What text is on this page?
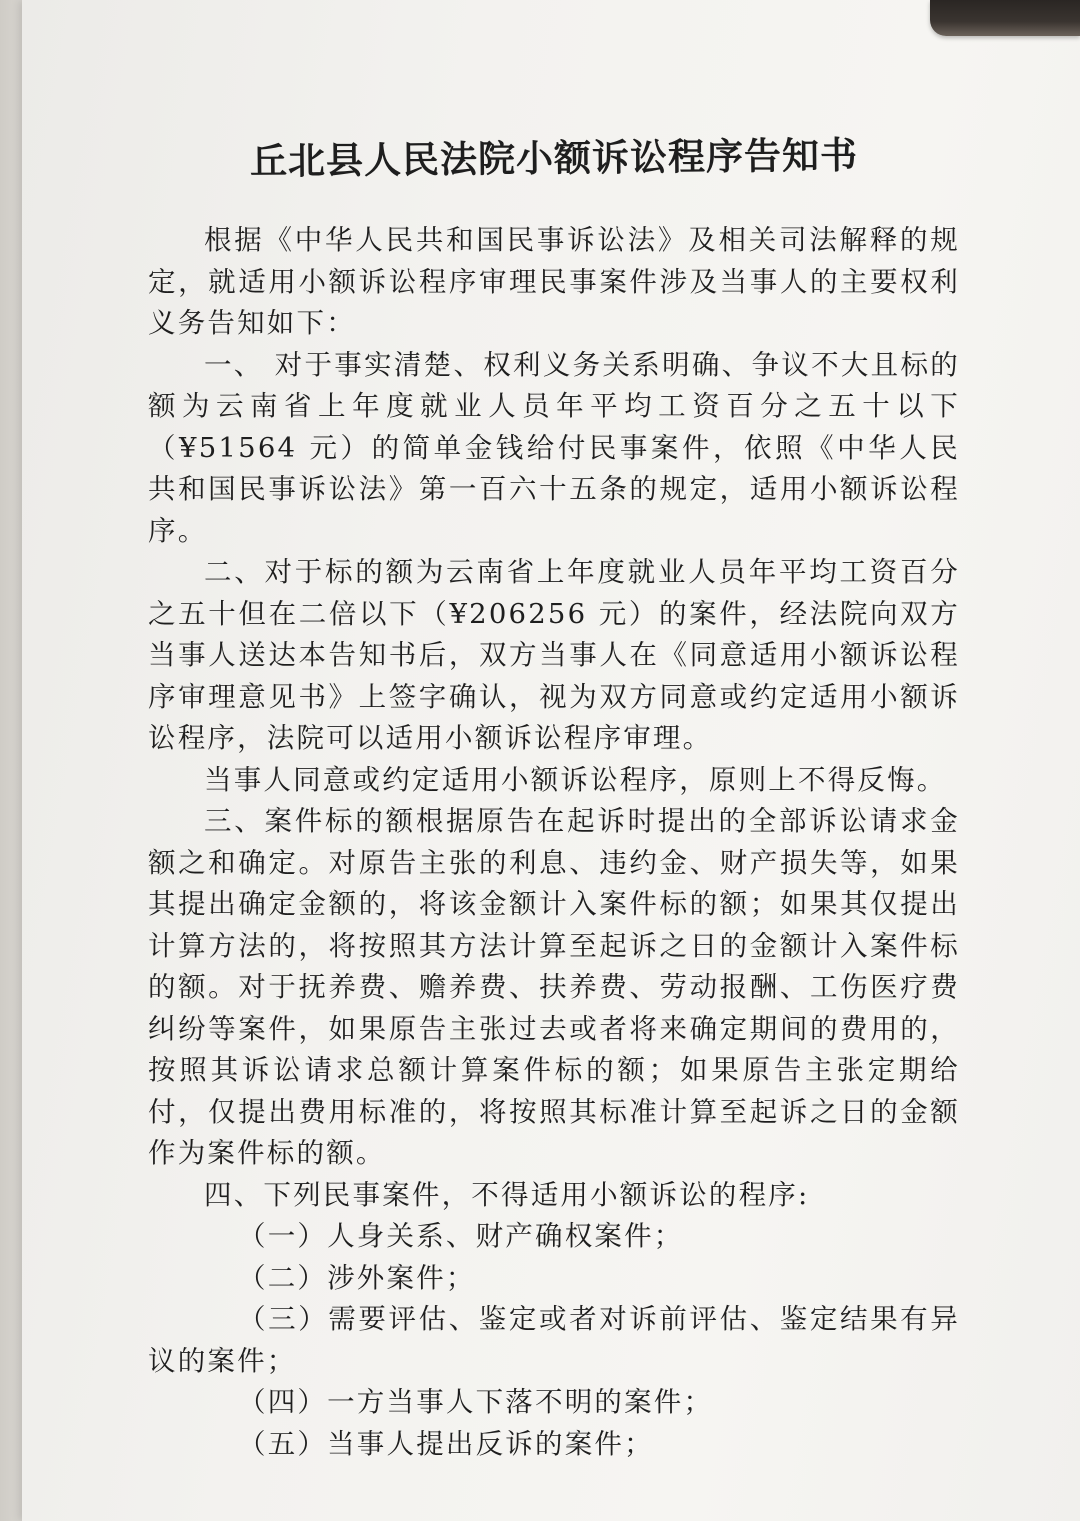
丘北县人民法院小额诉讼程序告知书

根据《中华人民共和国民事诉讼法》及相关司法解释的规定，就适用小额诉讼程序审理民事案件涉及当事人的主要权利义务告知如下：

一、 对于事实清楚、权利义务关系明确、争议不大且标的额为云南省上年度就业人员年平均工资百分之五十以下（¥51564 元）的简单金钱给付民事案件，依照《中华人民共和国民事诉讼法》第一百六十五条的规定，适用小额诉讼程序。

二、对于标的额为云南省上年度就业人员年平均工资百分之五十但在二倍以下（¥206256 元）的案件，经法院向双方当事人送达本告知书后，双方当事人在《同意适用小额诉讼程序审理意见书》上签字确认，视为双方同意或约定适用小额诉讼程序，法院可以适用小额诉讼程序审理。

当事人同意或约定适用小额诉讼程序，原则上不得反悔。

三、案件标的额根据原告在起诉时提出的全部诉讼请求金额之和确定。对原告主张的利息、违约金、财产损失等，如果其提出确定金额的，将该金额计入案件标的额；如果其仅提出计算方法的，将按照其方法计算至起诉之日的金额计入案件标的额。对于抚养费、赡养费、扶养费、劳动报酬、工伤医疗费纠纷等案件，如果原告主张过去或者将来确定期间的费用的，按照其诉讼请求总额计算案件标的额；如果原告主张定期给付，仅提出费用标准的，将按照其标准计算至起诉之日的金额作为案件标的额。

四、下列民事案件，不得适用小额诉讼的程序:

（一）人身关系、财产确权案件；

（二）涉外案件；

（三）需要评估、鉴定或者对诉前评估、鉴定结果有异议的案件；

（四）一方当事人下落不明的案件；

（五）当事人提出反诉的案件；
